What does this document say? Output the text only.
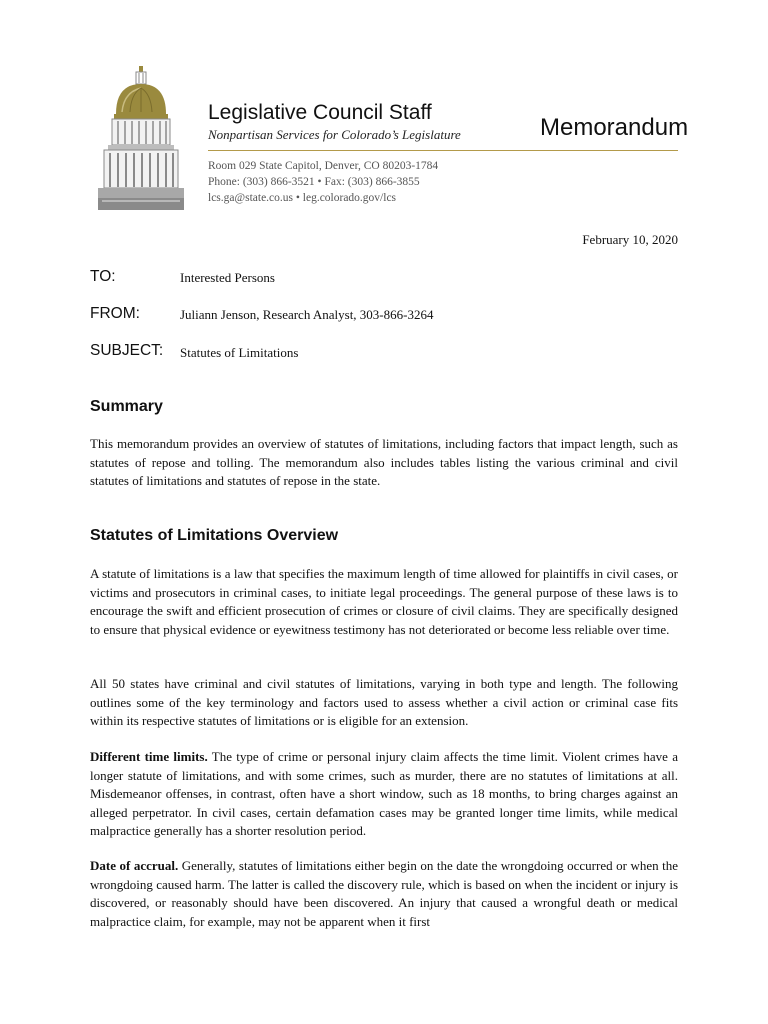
Legislative Council Staff
Nonpartisan Services for Colorado’s Legislature	Memorandum
Room 029 State Capitol, Denver, CO 80203-1784
Phone: (303) 866-3521 • Fax: (303) 866-3855
lcs.ga@state.co.us • leg.colorado.gov/lcs
February 10, 2020
TO:	Interested Persons
FROM:	Juliann Jenson, Research Analyst, 303-866-3264
SUBJECT: Statutes of Limitations
Summary

This memorandum provides an overview of statutes of limitations, including factors that impact length, such as statutes of repose and tolling. The memorandum also includes tables listing the various criminal and civil statutes of limitations and statutes of repose in the state.

Statutes of Limitations Overview

A statute of limitations is a law that specifies the maximum length of time allowed for plaintiffs in civil cases, or victims and prosecutors in criminal cases, to initiate legal proceedings. The general purpose of these laws is to encourage the swift and efficient prosecution of crimes or closure of civil claims. They are specifically designed to ensure that physical evidence or eyewitness testimony has not deteriorated or become less reliable over time.

All 50 states have criminal and civil statutes of limitations, varying in both type and length. The following outlines some of the key terminology and factors used to assess whether a civil action or criminal case fits within its respective statutes of limitations or is eligible for an extension.

Different time limits. The type of crime or personal injury claim affects the time limit. Violent crimes have a longer statute of limitations, and with some crimes, such as murder, there are no statutes of limitations at all. Misdemeanor offenses, in contrast, often have a short window, such as 18 months, to bring charges against an alleged perpetrator. In civil cases, certain defamation cases may be granted longer time limits, while medical malpractice generally has a shorter resolution period.

Date of accrual. Generally, statutes of limitations either begin on the date the wrongdoing occurred or when the wrongdoing caused harm. The latter is called the discovery rule, which is based on when the incident or injury is discovered, or reasonably should have been discovered. An injury that caused a wrongful death or medical malpractice claim, for example, may not be apparent when it first
